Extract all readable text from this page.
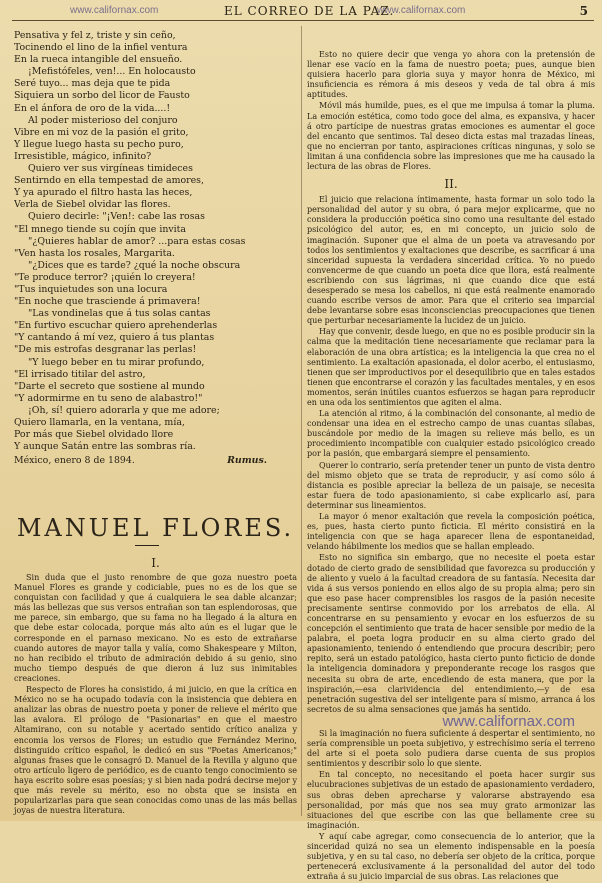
www.californax.com	EL CORREO DE LA PAZ.
www.californax.com	5
Pensativa y fel z, triste y sin ceño,
Tocinendo el lino de la infiel ventura
En la rueca intangible del ensueño.
¡Mefistófeles, ven!... En holocausto
Seré tuyo... mas deja que te pida
Siquiera un sorbo del licor de Fausto
En el ánfora de oro de la vida....!
Al poder misterioso del conjuro
Vibre en mi voz de la pasión el grito,
Y llegue luego hasta su pecho puro,
Irresistible, mágico, infinito?
Quiero ver sus virgíneas timideces
Sentirndo en ella tempestad de amores,
Y ya apurado el filtro hasta las heces,
Verla de Siebel olvidar las flores.
Quiero decirle: "¡Ven!: cabe las rosas
"El mnego tiende su cojín que invita
"¿Quieres hablar de amor? ...para estas cosas
"Ven hasta los rosales, Margarita.
"¿Dices que es tarde? ¿qué la noche obscura
"Te produce terror? ¡quién lo creyera!
"Tus inquietudes son una locura
"En noche que trasciende á primavera!
"Las vondinelas que á tus solas cantas
"En furtivo escuchar quiero aprehenderlas
"Y cantando á mí vez, quiero á tus plantas
"De mis estrofas desgranar las perlas!
"Y luego beber en tu mirar profundo,
"El irrisado titilar del astro,
"Darte el secreto que sostiene al mundo
"Y adormirme en tu seno de alabastro!"
¡Oh, sí! quiero adorarla y que me adore;
Quiero llamarla, en la ventana, mía,
Por más que Siebel olvidado llore
Y aunque Satán entre las sombras ría.
México, enero 8 de 1894.	Rumus.
MANUEL FLORES.
I.

Sin duda que el justo renombre de que goza nuestro poeta Manuel Flores es grande y codiciable, pues no es de los que se conquistan con facilidad y que á cualquiera le sea dable alcanzar; más las bellezas que sus versos entrañan son tan esplendorosas, que me parece, sin embargo, que su fama no ha llegado á la altura en que debe estar colocada, porque más alto aún es el lugar que le corresponde en el parnaso mexicano. No es esto de extrañarse cuando autores de mayor talla y valía, como Shakespeare y Milton, no han recibido el tributo de admiración debido á su genio, sino mucho tiempo después de que dieron á luz sus inimitables creaciones.

Respecto de Flores ha consistido, á mi juicio, en que la crítica en México no se ha ocupado todavía con la insistencia que debiera en analizar las obras de nuestro poeta y poner de relieve el mérito que las avalora. El prólogo de "Pasionarias" en que el maestro Altamirano, con su notable y acertado sentido crítico analiza y encomia los versos de Flores; un estudio que Fernández Merino, distinguido crítico español, le dedicó en sus "Poetas Americanos;" algunas frases que le consagró D. Manuel de la Revilla y alguno que otro artículo ligero de periódico, es de cuanto tengo conocimiento se haya escrito sobre esas poesías; y si bien nada podrá decirse mejor y que más revele su mérito, eso no obsta que se insista en popularizarlas para que sean conocidas como unas de las más bellas joyas de nuestra literatura.

Esto no quiere decir que venga yo ahora con la pretensión de llenar ese vacío en la fama de nuestro poeta; pues, aunque bien quisiera hacerlo para gloria suya y mayor honra de México, mi insuficiencia es rémora á mis deseos y veda de tal obra á mis aptitudes.

Móvil más humilde, pues, es el que me impulsa á tomar la pluma. La emoción estética, como todo goce del alma, es expansiva, y hacer á otro partícipe de nuestras gratas emociones es aumentar el goce del encanto que sentimos. Tal deseo dicta estas mal trazadas líneas, que no encierran por tanto, aspiraciones críticas ningunas, y solo se limitan á una confidencia sobre las impresiones que me ha causado la lectura de las obras de Flores.

II.

El juicio que relaciona íntimamente, hasta formar un solo todo la personalidad del autor y su obra, ó para mejor explicarme, que no considera la producción poética sino como una resultante del estado psicológico del autor, es, en mi concepto, un juicio solo de imaginación. Suponer que el alma de un poeta va atravesando por todos los sentimientos y exaltaciones que describe, es sacrificar á una sinceridad supuesta la verdadera sinceridad crítica. Yo no puedo convencerme de que cuando un poeta dice que llora, está realmente escribiendo con sus lágrimas, ni que cuando dice que está desesperado se mesa los cabellos, ni que está realmente enamorado cuando escribe versos de amor. Para que el criterio sea imparcial debe levantarse sobre esas inconsciencias preocupaciones que tienen que perturbar necesariamente la lucidez de un juicio.

Hay que convenir, desde luego, en que no es posible producir sin la calma que la meditación tiene necesariamente que reclamar para la elaboración de una obra artística; es la inteligencia la que crea no el sentimiento. La exaltación apasionada, el dolor acerbo, el entusiasmo, tienen que ser improductivos por el desequilibrio que en tales estados tienen que encontrarse el corazón y las facultades mentales, y en esos momentos, serán inútiles cuantos esfuerzos se hagan para reproducir en una oda los sentimientos que agiten el alma.

La atención al ritmo, á la combinación del consonante, al medio de condensar una idea en el estrecho campo de unas cuantas sílabas, buscándole por medio de la imagen su relieve más bello, es un procedimiento incompatible con cualquier estado psicológico creado por la pasión, que embargará siempre el pensamiento.

Querer lo contrario, sería pretender tener un punto de vista dentro del mismo objeto que se trata de reproducir, y así como sólo á distancia es posible apreciar la belleza de un paisaje, se necesita estar fuera de todo apasionamiento, si cabe explicarlo así, para determinar sus lineamientos.

La mayor ó menor exaltación que revela la composición poética, es, pues, hasta cierto punto ficticia. El mérito consistirá en la inteligencia con que se haga aparecer llena de espontaneidad, velando hábilmente los medios que se hallan empleado.

Esto no significa sin embargo, que no necesite el poeta estar dotado de cierto grado de sensibilidad que favorezca su producción y de aliento y vuelo á la facultad creadora de su fantasía. Necesita dar vida á sus versos poniendo en ellos algo de su propia alma; pero sin que eso pase hacer comprensibles los rasgos de la pasión necesite precisamente sentirse conmovido por los arrebatos de ella. Al concentrarse en su pensamiento y evocar en los esfuerzos de su concepción el sentimiento que trata de hacer sensible por medio de la palabra, el poeta logra producir en su alma cierto grado del apasionamiento, teniendo ó entendiendo que procura describir; pero repito, será un estado patológico, hasta cierto punto ficticio de donde la inteligencia dominadora y preponderante recoge los rasgos que necesita su obra de arte, encediendo de esta manera, que por la inspiración,—esa clarividencia del entendimiento,—y de esa penetración sugestiva del ser inteligente para sí mismo, arranca á los secretos de su alma sensaciones que jamás ha sentido.

www.californax.com

Si la imaginación no fuera suficiente á despertar el sentimiento, no sería comprensible un poeta subjetivo, y estrechísimo sería el terreno del arte si el poeta solo pudiera darse cuenta de sus propios sentimientos y describir solo lo que siente.

En tal concepto, no necesitando el poeta hacer surgir sus elucubraciones subjetivas de un estado de apasionamiento verdadero, sus obras deben aprecharse y valorarse abstrayendo esa personalidad, por más que nos sea muy grato armonizar las situaciones del que escribe con las que bellamente cree su imaginación.

Y aquí cabe agregar, como consecuencia de lo anterior, que la sinceridad quizá no sea un elemento indispensable en la poesía subjetiva, y en su tal caso, no debería ser objeto de la crítica, porque pertenecerá exclusivamente á la personalidad del autor del todo extraña á su juicio imparcial de sus obras. Las relaciones que
